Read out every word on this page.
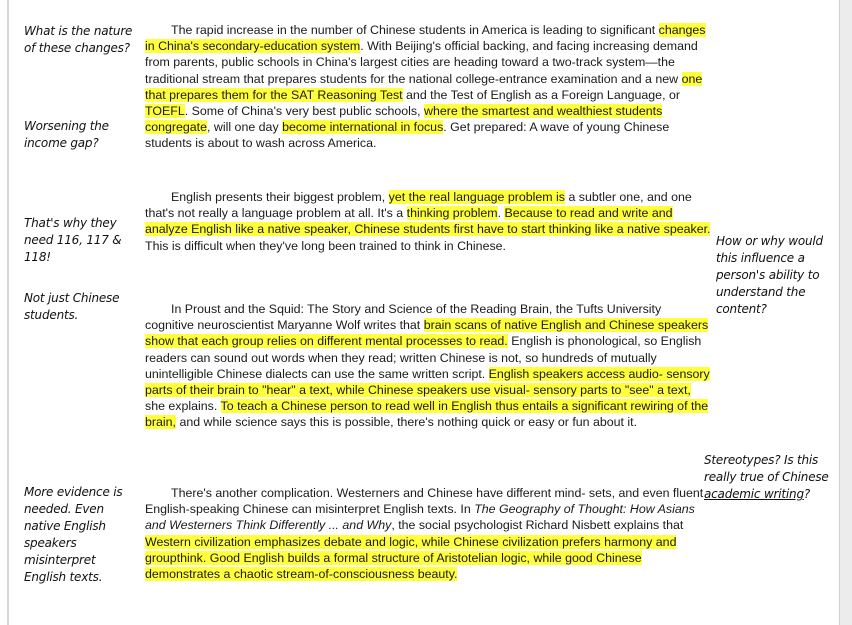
The rapid increase in the number of Chinese students in America is leading to significant changes in China's secondary-education system. With Beijing's official backing, and facing increasing demand from parents, public schools in China's largest cities are heading toward a two-track system—the traditional stream that prepares students for the national college-entrance examination and a new one that prepares them for the SAT Reasoning Test and the Test of English as a Foreign Language, or TOEFL. Some of China's very best public schools, where the smartest and wealthiest students congregate, will one day become international in focus. Get prepared: A wave of young Chinese students is about to wash across America.

English presents their biggest problem, yet the real language problem is a subtler one, and one that's not really a language problem at all. It's a thinking problem. Because to read and write and analyze English like a native speaker, Chinese students first have to start thinking like a native speaker. This is difficult when they've long been trained to think in Chinese.

In Proust and the Squid: The Story and Science of the Reading Brain, the Tufts University cognitive neuroscientist Maryanne Wolf writes that brain scans of native English and Chinese speakers show that each group relies on different mental processes to read. English is phonological, so English readers can sound out words when they read; written Chinese is not, so hundreds of mutually unintelligible Chinese dialects can use the same written script. English speakers access audio- sensory parts of their brain to "hear" a text, while Chinese speakers use visual- sensory parts to "see" a text, she explains. To teach a Chinese person to read well in English thus entails a significant rewiring of the brain, and while science says this is possible, there's nothing quick or easy or fun about it.

There's another complication. Westerners and Chinese have different mind- sets, and even fluent English-speaking Chinese can misinterpret English texts. In The Geography of Thought: How Asians and Westerners Think Differently ... and Why, the social psychologist Richard Nisbett explains that Western civilization emphasizes debate and logic, while Chinese civilization prefers harmony and groupthink. Good English builds a formal structure of Aristotelian logic, while good Chinese demonstrates a chaotic stream-of-consciousness beauty.

What is the nature of these changes?
Worsening the income gap?
That's why they need 116, 117 & 118!
Not just Chinese students.
How or why would this influence a person's ability to understand the content?
Stereotypes? Is this really true of Chinese academic writing?
More evidence is needed. Even native English speakers misinterpret English texts.
